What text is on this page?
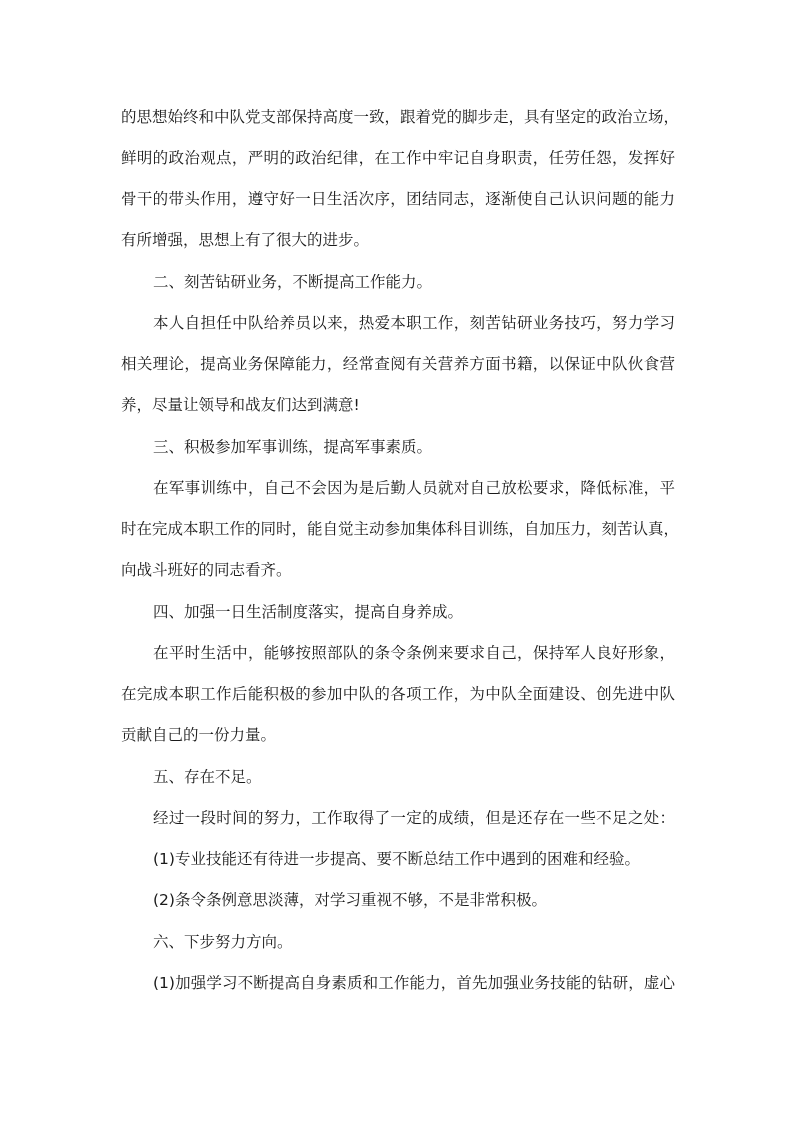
的思想始终和中队党支部保持高度一致，跟着党的脚步走，具有坚定的政治立场，
鲜明的政治观点，严明的政治纪律，在工作中牢记自身职责，任劳任怨，发挥好
骨干的带头作用，遵守好一日生活次序，团结同志，逐渐使自己认识问题的能力
有所增强，思想上有了很大的进步。
二、刻苦钻研业务，不断提高工作能力。
本人自担任中队给养员以来，热爱本职工作，刻苦钻研业务技巧，努力学习
相关理论，提高业务保障能力，经常查阅有关营养方面书籍，以保证中队伙食营
养，尽量让领导和战友们达到满意!
三、积极参加军事训练，提高军事素质。
在军事训练中，自己不会因为是后勤人员就对自己放松要求，降低标准，平
时在完成本职工作的同时，能自觉主动参加集体科目训练，自加压力，刻苦认真，
向战斗班好的同志看齐。
四、加强一日生活制度落实，提高自身养成。
在平时生活中，能够按照部队的条令条例来要求自己，保持军人良好形象，
在完成本职工作后能积极的参加中队的各项工作，为中队全面建设、创先进中队
贡献自己的一份力量。
五、存在不足。
经过一段时间的努力，工作取得了一定的成绩，但是还存在一些不足之处：
(1)专业技能还有待进一步提高、要不断总结工作中遇到的困难和经验。
(2)条令条例意思淡薄，对学习重视不够，不是非常积极。
六、下步努力方向。
(1)加强学习不断提高自身素质和工作能力，首先加强业务技能的钻研，虚心
